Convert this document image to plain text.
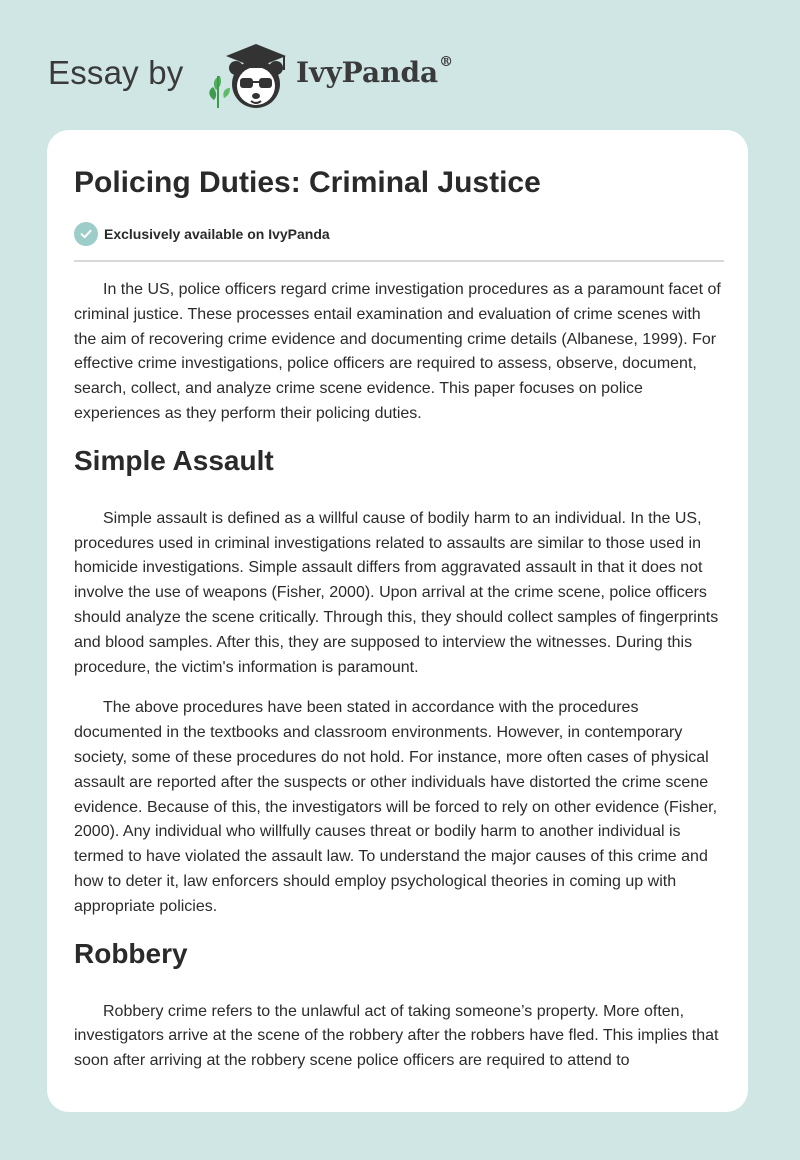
Essay by	IvyPanda®
Policing Duties: Criminal Justice
Exclusively available on IvyPanda

In the US, police officers regard crime investigation procedures as a paramount facet of criminal justice. These processes entail examination and evaluation of crime scenes with the aim of recovering crime evidence and documenting crime details (Albanese, 1999). For effective crime investigations, police officers are required to assess, observe, document, search, collect, and analyze crime scene evidence. This paper focuses on police experiences as they perform their policing duties.

Simple Assault

Simple assault is defined as a willful cause of bodily harm to an individual. In the US, procedures used in criminal investigations related to assaults are similar to those used in homicide investigations. Simple assault differs from aggravated assault in that it does not involve the use of weapons (Fisher, 2000). Upon arrival at the crime scene, police officers should analyze the scene critically. Through this, they should collect samples of fingerprints and blood samples. After this, they are supposed to interview the witnesses. During this procedure, the victim's information is paramount.

The above procedures have been stated in accordance with the procedures documented in the textbooks and classroom environments. However, in contemporary society, some of these procedures do not hold. For instance, more often cases of physical assault are reported after the suspects or other individuals have distorted the crime scene evidence. Because of this, the investigators will be forced to rely on other evidence (Fisher, 2000). Any individual who willfully causes threat or bodily harm to another individual is termed to have violated the assault law. To understand the major causes of this crime and how to deter it, law enforcers should employ psychological theories in coming up with appropriate policies.

Robbery

Robbery crime refers to the unlawful act of taking someone’s property. More often, investigators arrive at the scene of the robbery after the robbers have fled. This implies that soon after arriving at the robbery scene police officers are required to attend to
